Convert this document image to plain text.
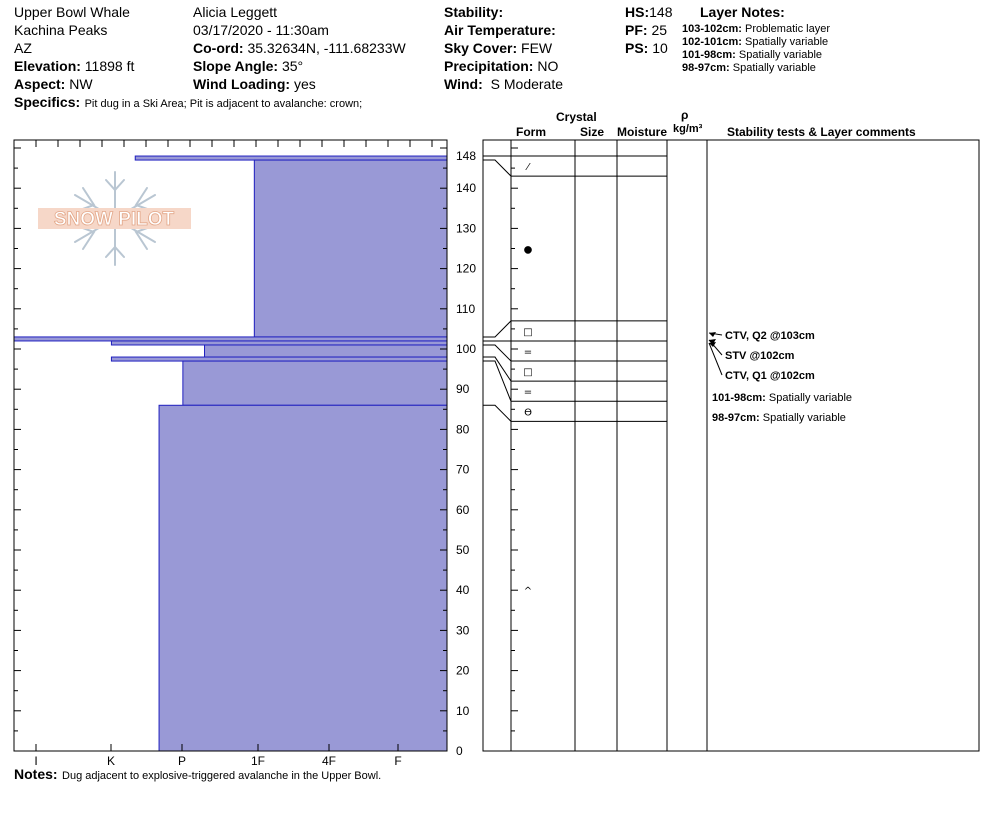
Upper Bowl Whale
Kachina Peaks
AZ
Elevation: 11898 ft
Aspect: NW
Specifics: Pit dug in a Ski Area; Pit is adjacent to avalanche: crown;
Alicia Leggett
03/17/2020 - 11:30am
Co-ord: 35.32634N, -111.68233W
Slope Angle: 35°
Wind Loading: yes
Stability:
Air Temperature:
Sky Cover: FEW
Precipitation: NO
Wind: S Moderate
HS:148
PF: 25
PS: 10
Layer Notes:
103-102cm: Problematic layer
102-101cm: Spatially variable
101-98cm: Spatially variable
98-97cm: Spatially variable
Crystal
Form	Size Moisture
ρ
kg/m³ Stability tests & Layer comments
Notes: Dug adjacent to explosive-triggered avalanche in the Upper Bowl.
SNOW PILOT
0
10
20
30
40
50
60
70
80
90
100
110
120
130
140
148
I	K	P	1F	4F	F
⁄
●
□
=
□
=
ϴ
^
CTV, Q2 @103cm
STV @102cm
CTV, Q1 @102cm
101-98cm: Spatially variable
98-97cm: Spatially variable
